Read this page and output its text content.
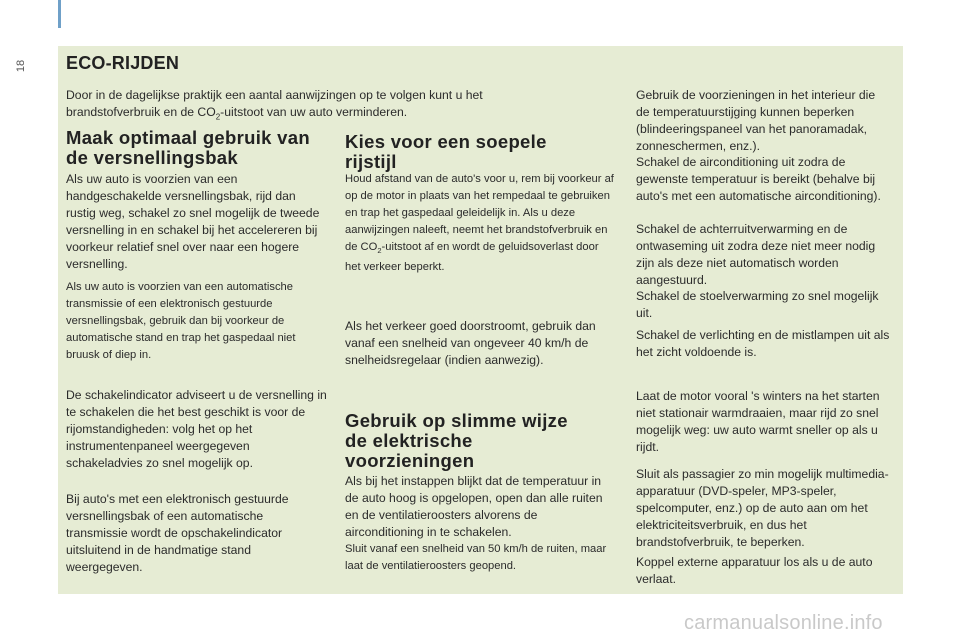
18 ECO-RIJDEN
Door in de dagelijkse praktijk een aantal aanwijzingen op te volgen kunt u het brandstofverbruik en de $CO_2$-uitstoot van uw auto verminderen.
Maak optimaal gebruik van de versnellingsbak
Als uw auto is voorzien van een handgeschakelde versnellingsbak, rijd dan rustig weg, schakel zo snel mogelijk de tweede versnelling in en schakel bij het accelereren bij voorkeur relatief snel over naar een hogere versnelling.
Als uw auto is voorzien van een automatische transmissie of een elektronisch gestuurde versnellingsbak, gebruik dan bij voorkeur de automatische stand en trap het gaspedaal niet bruusk of diep in.
De schakelindicator adviseert u de versnelling in te schakelen die het best geschikt is voor de rijomstandigheden: volg het op het instrumentenpaneel weergegeven schakeladvies zo snel mogelijk op.
Bij auto's met een elektronisch gestuurde versnellingsbak of een automatische transmissie wordt de opschakelindicator uitsluitend in de handmatige stand weergegeven.
Kies voor een soepele rijstijl
Houd afstand van de auto's voor u, rem bij voorkeur af op de motor in plaats van het rempedaal te gebruiken en trap het gaspedaal geleidelijk in. Als u deze aanwijzingen naleeft, neemt het brandstofverbruik en de $CO_2$-uitstoot af en wordt de geluidsoverlast door het verkeer beperkt.
Als het verkeer goed doorstroomt, gebruik dan vanaf een snelheid van ongeveer 40 km/h de snelheidsregelaar (indien aanwezig).
Gebruik op slimme wijze de elektrische voorzieningen
Als bij het instappen blijkt dat de temperatuur in de auto hoog is opgelopen, open dan alle ruiten en de ventilatieroosters alvorens de airconditioning in te schakelen.
Sluit vanaf een snelheid van 50 km/h de ruiten, maar laat de ventilatieroosters geopend.
Gebruik de voorzieningen in het interieur die de temperatuurstijging kunnen beperken (blindeeringspaneel van het panoramadak, zonneschermen, enz.).
Schakel de airconditioning uit zodra de gewenste temperatuur is bereikt (behalve bij auto's met een automatische airconditioning).
Schakel de achterruitverwarming en de ontwaseming uit zodra deze niet meer nodig zijn als deze niet automatisch worden aangestuurd.
Schakel de stoelverwarming zo snel mogelijk uit.
Schakel de verlichting en de mistlampen uit als het zicht voldoende is.
Laat de motor vooral 's winters na het starten niet stationair warmdraaien, maar rijd zo snel mogelijk weg: uw auto warmt sneller op als u rijdt.
Sluit als passagier zo min mogelijk multimedia-apparatuur (DVD-speler, MP3-speler, spelcomputer, enz.) op de auto aan om het elektriciteitsverbruik, en dus het brandstofverbruik, te beperken.
Koppel externe apparatuur los als u de auto verlaat.
carmanualsonline.info
